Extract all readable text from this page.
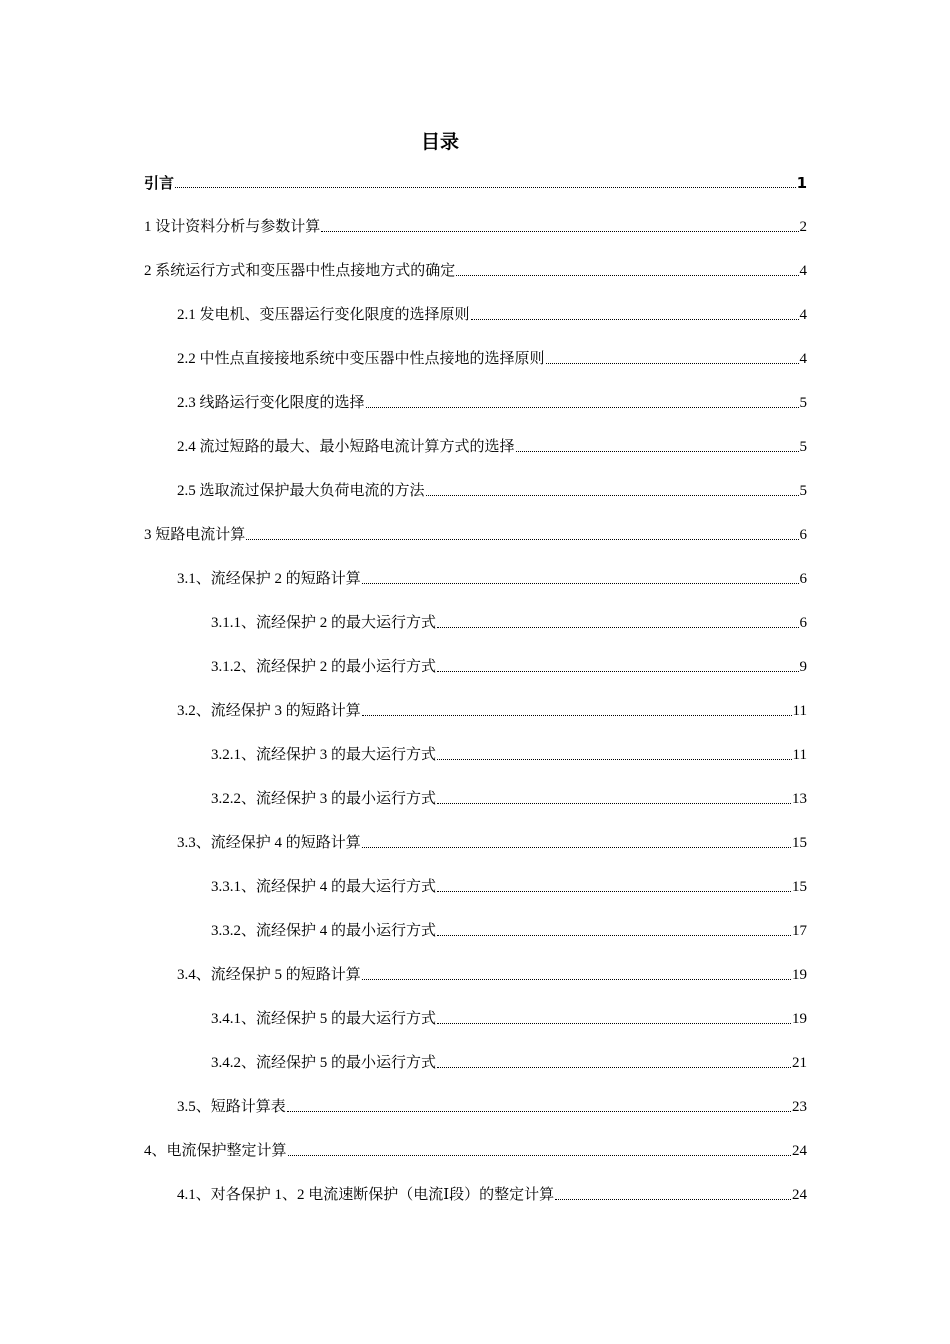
目录
引言	1
1 设计资料分析与参数计算	2
2 系统运行方式和变压器中性点接地方式的确定	4
2.1 发电机、变压器运行变化限度的选择原则	4
2.2 中性点直接接地系统中变压器中性点接地的选择原则	4
2.3 线路运行变化限度的选择	5
2.4 流过短路的最大、最小短路电流计算方式的选择	5
2.5 选取流过保护最大负荷电流的方法	5
3 短路电流计算	6
3.1、流经保护 2 的短路计算	6
3.1.1、流经保护 2 的最大运行方式	6
3.1.2、流经保护 2 的最小运行方式	9
3.2、流经保护 3 的短路计算	11
3.2.1、流经保护 3 的最大运行方式	11
3.2.2、流经保护 3 的最小运行方式	13
3.3、流经保护 4 的短路计算	15
3.3.1、流经保护 4 的最大运行方式	15
3.3.2、流经保护 4 的最小运行方式	17
3.4、流经保护 5 的短路计算	19
3.4.1、流经保护 5 的最大运行方式	19
3.4.2、流经保护 5 的最小运行方式	21
3.5、短路计算表	23
4、电流保护整定计算	24
4.1、对各保护 1、2 电流速断保护（电流Ⅰ段）的整定计算	24
